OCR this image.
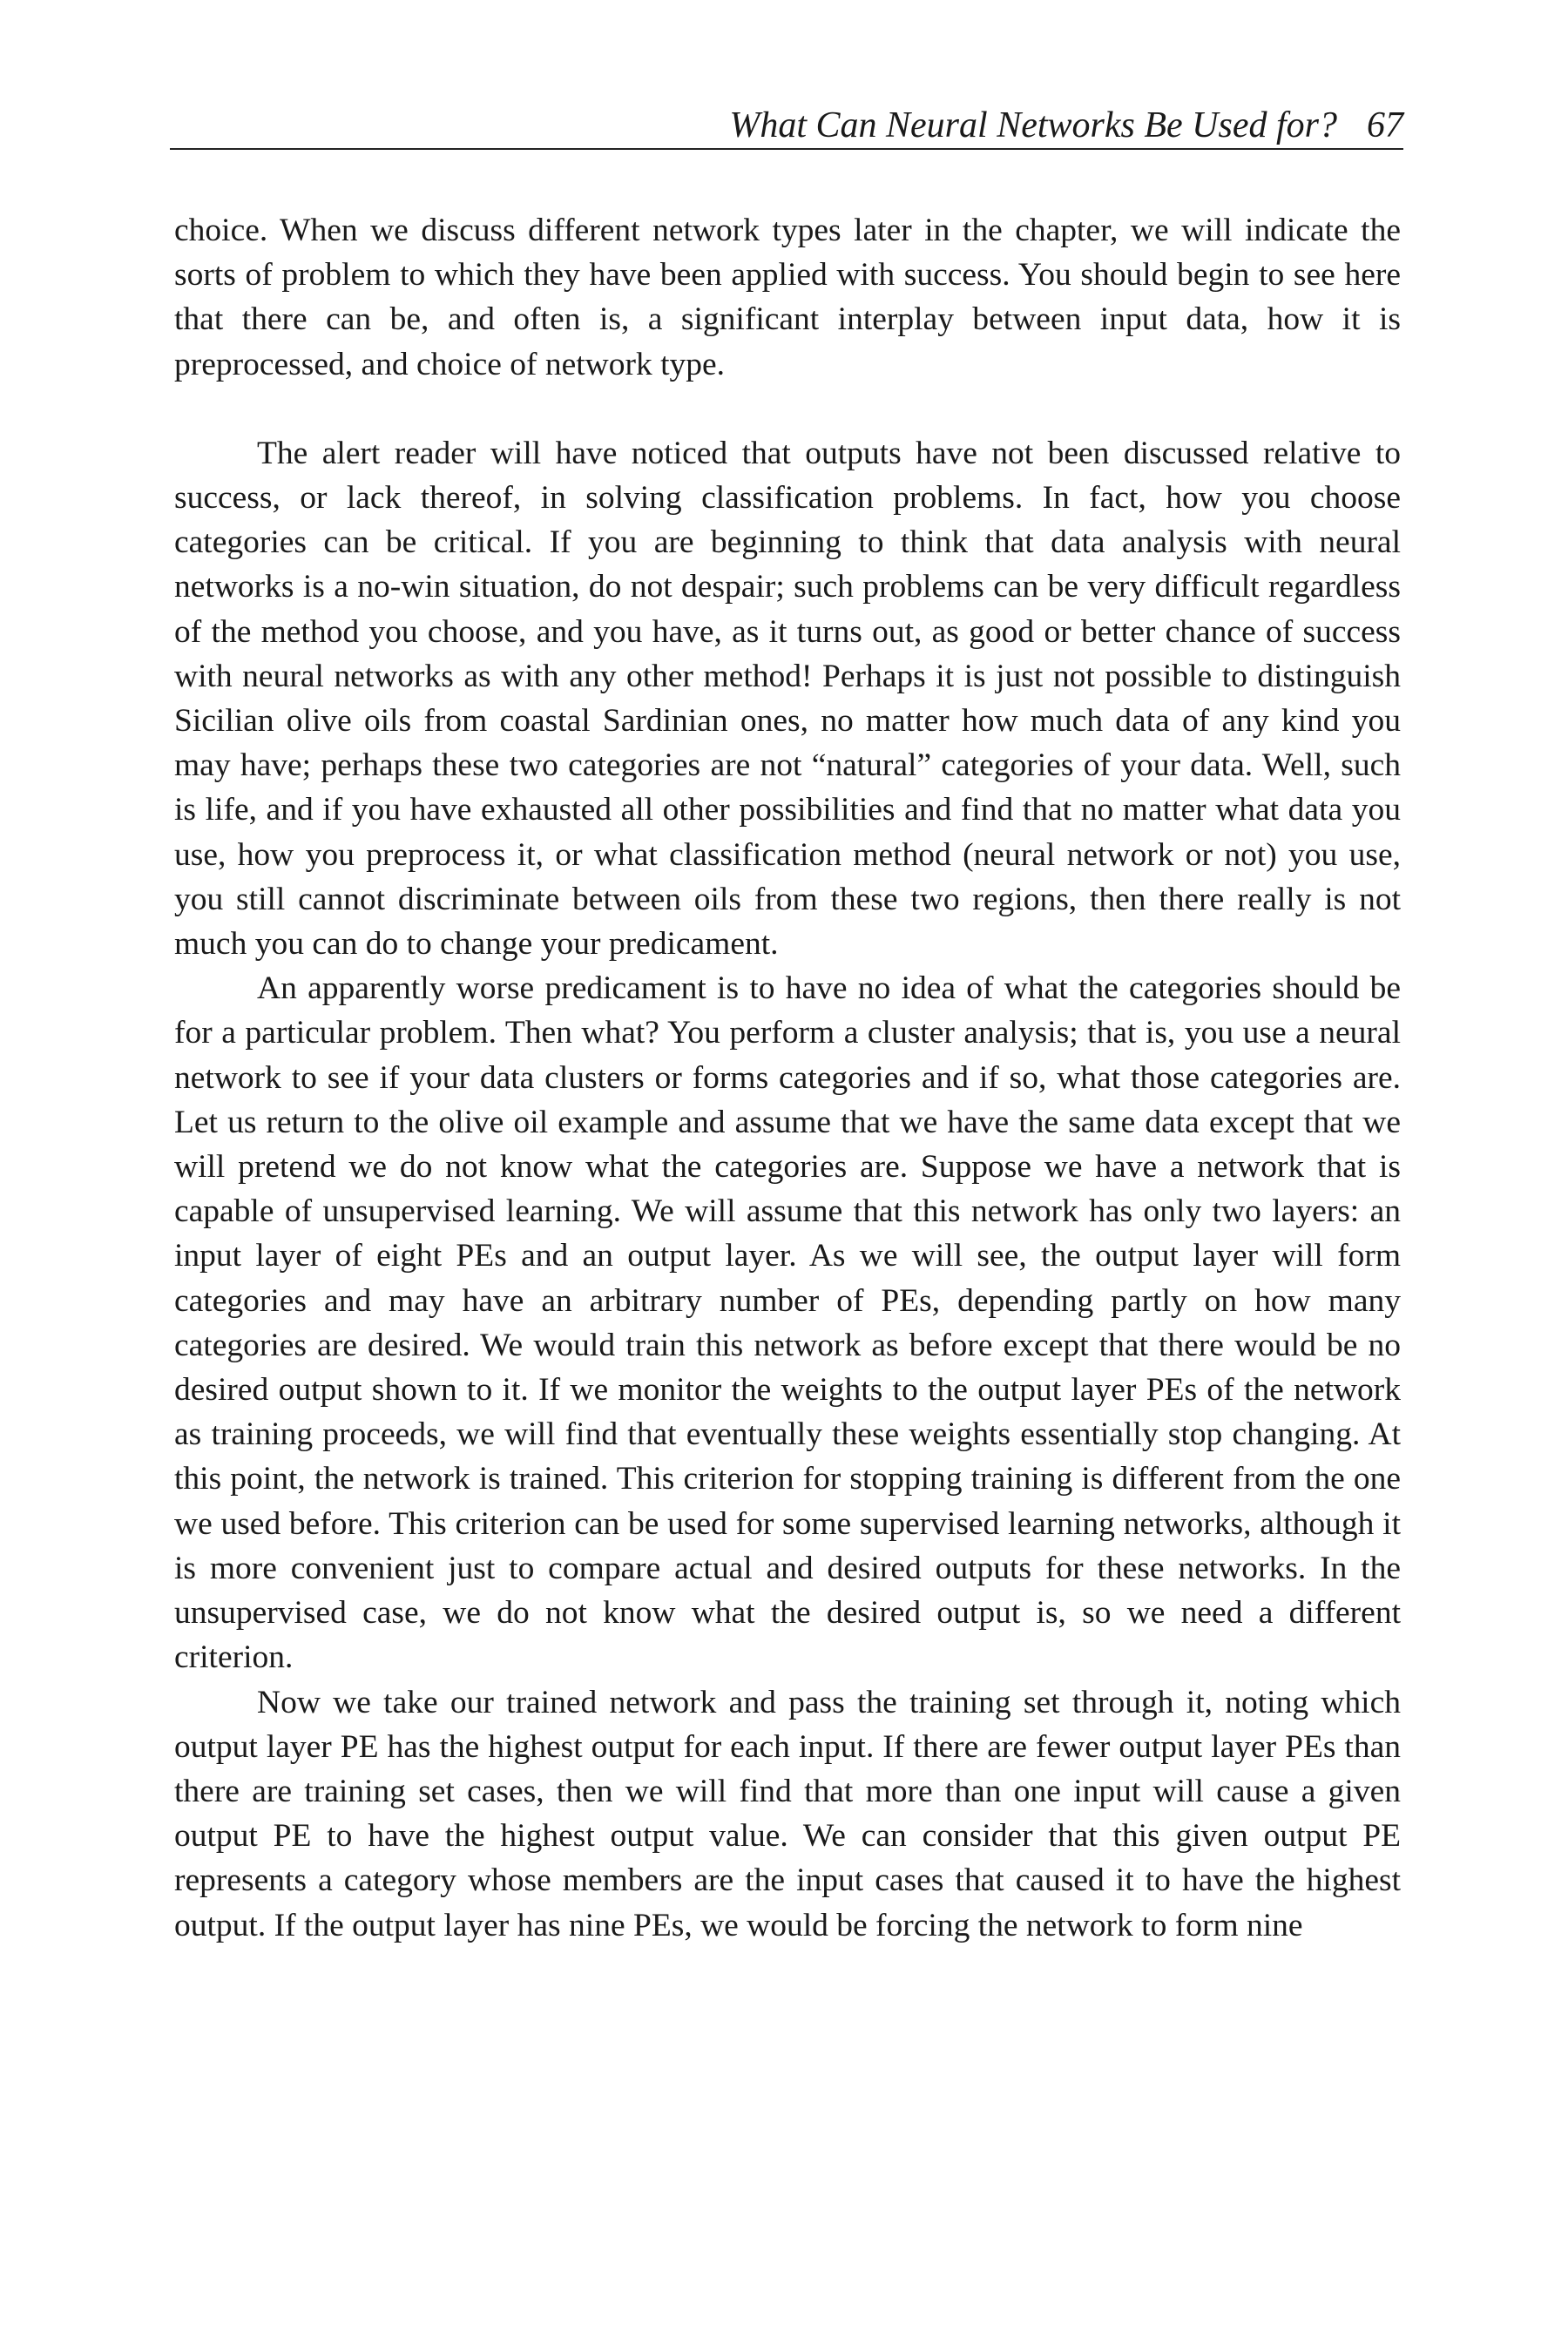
What Can Neural Networks Be Used for? 67

choice. When we discuss different network types later in the chapter, we will indicate the sorts of problem to which they have been applied with success. You should begin to see here that there can be, and often is, a significant interplay between input data, how it is preprocessed, and choice of network type.

The alert reader will have noticed that outputs have not been discussed relative to success, or lack thereof, in solving classification problems. In fact, how you choose categories can be critical. If you are beginning to think that data analysis with neural networks is a no-win situation, do not despair; such problems can be very difficult regardless of the method you choose, and you have, as it turns out, as good or better chance of success with neural networks as with any other method! Perhaps it is just not possible to distinguish Sicilian olive oils from coastal Sardinian ones, no matter how much data of any kind you may have; perhaps these two categories are not “natural” categories of your data. Well, such is life, and if you have exhausted all other possibilities and find that no matter what data you use, how you preprocess it, or what classification method (neural network or not) you use, you still cannot discriminate between oils from these two regions, then there really is not much you can do to change your predicament.

An apparently worse predicament is to have no idea of what the categories should be for a particular problem. Then what? You perform a cluster analysis; that is, you use a neural network to see if your data clusters or forms categories and if so, what those categories are. Let us return to the olive oil example and assume that we have the same data except that we will pretend we do not know what the categories are. Suppose we have a network that is capable of unsupervised learning. We will assume that this network has only two layers: an input layer of eight PEs and an output layer. As we will see, the output layer will form categories and may have an arbitrary number of PEs, depending partly on how many categories are desired. We would train this network as before except that there would be no desired output shown to it. If we monitor the weights to the output layer PEs of the network as training proceeds, we will find that eventually these weights essentially stop changing. At this point, the network is trained. This criterion for stopping training is different from the one we used before. This criterion can be used for some supervised learning networks, although it is more convenient just to compare actual and desired outputs for these networks. In the unsupervised case, we do not know what the desired output is, so we need a different criterion.

Now we take our trained network and pass the training set through it, noting which output layer PE has the highest output for each input. If there are fewer output layer PEs than there are training set cases, then we will find that more than one input will cause a given output PE to have the highest output value. We can consider that this given output PE represents a category whose members are the input cases that caused it to have the highest output. If the output layer has nine PEs, we would be forcing the network to form nine
